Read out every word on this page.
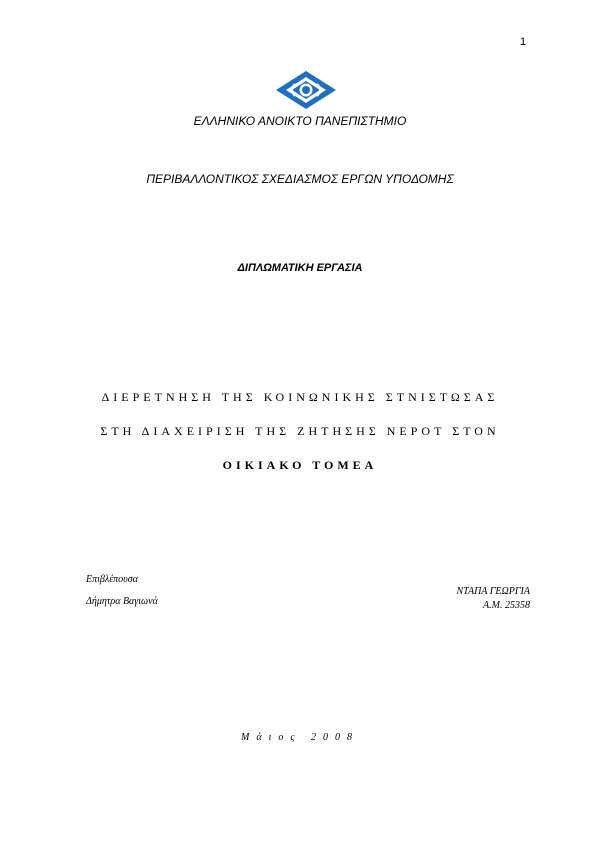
1
ΕΛΛΗΝΙΚΟ ΑΝΟΙΚΤΟ ΠΑΝΕΠΙΣΤΗΜΙΟ
ΠΕΡΙΒΑΛΛΟΝΤΙΚΟΣ ΣΧΕΔΙΑΣΜΟΣ ΕΡΓΩΝ ΥΠΟΔΟΜΗΣ
ΔΙΠΛΩΜΑΤΙΚΗ ΕΡΓΑΣΙΑ
ΔΙΕΡΕΤΝΗΣΗ ΤΗΣ ΚΟΙΝΩΝΙΚΗΣ ΣΤΝΙΣΤΩΣΑΣ
ΣΤΗ ΔΙΑΧΕΙΡΙΣΗ ΤΗΣ ΖΗΤΗΣΗΣ ΝΕΡΟΤ ΣΤΟΝ
ΟΙΚΙΑΚΟ ΤΟΜΕΑ
Επιβλέπουσα
Δήμητρα Βαγιωνά
ΝΤΑΠΑ ΓΕΩΡΓΙΑ
Α.Μ. 25358
Μάιος 2008
